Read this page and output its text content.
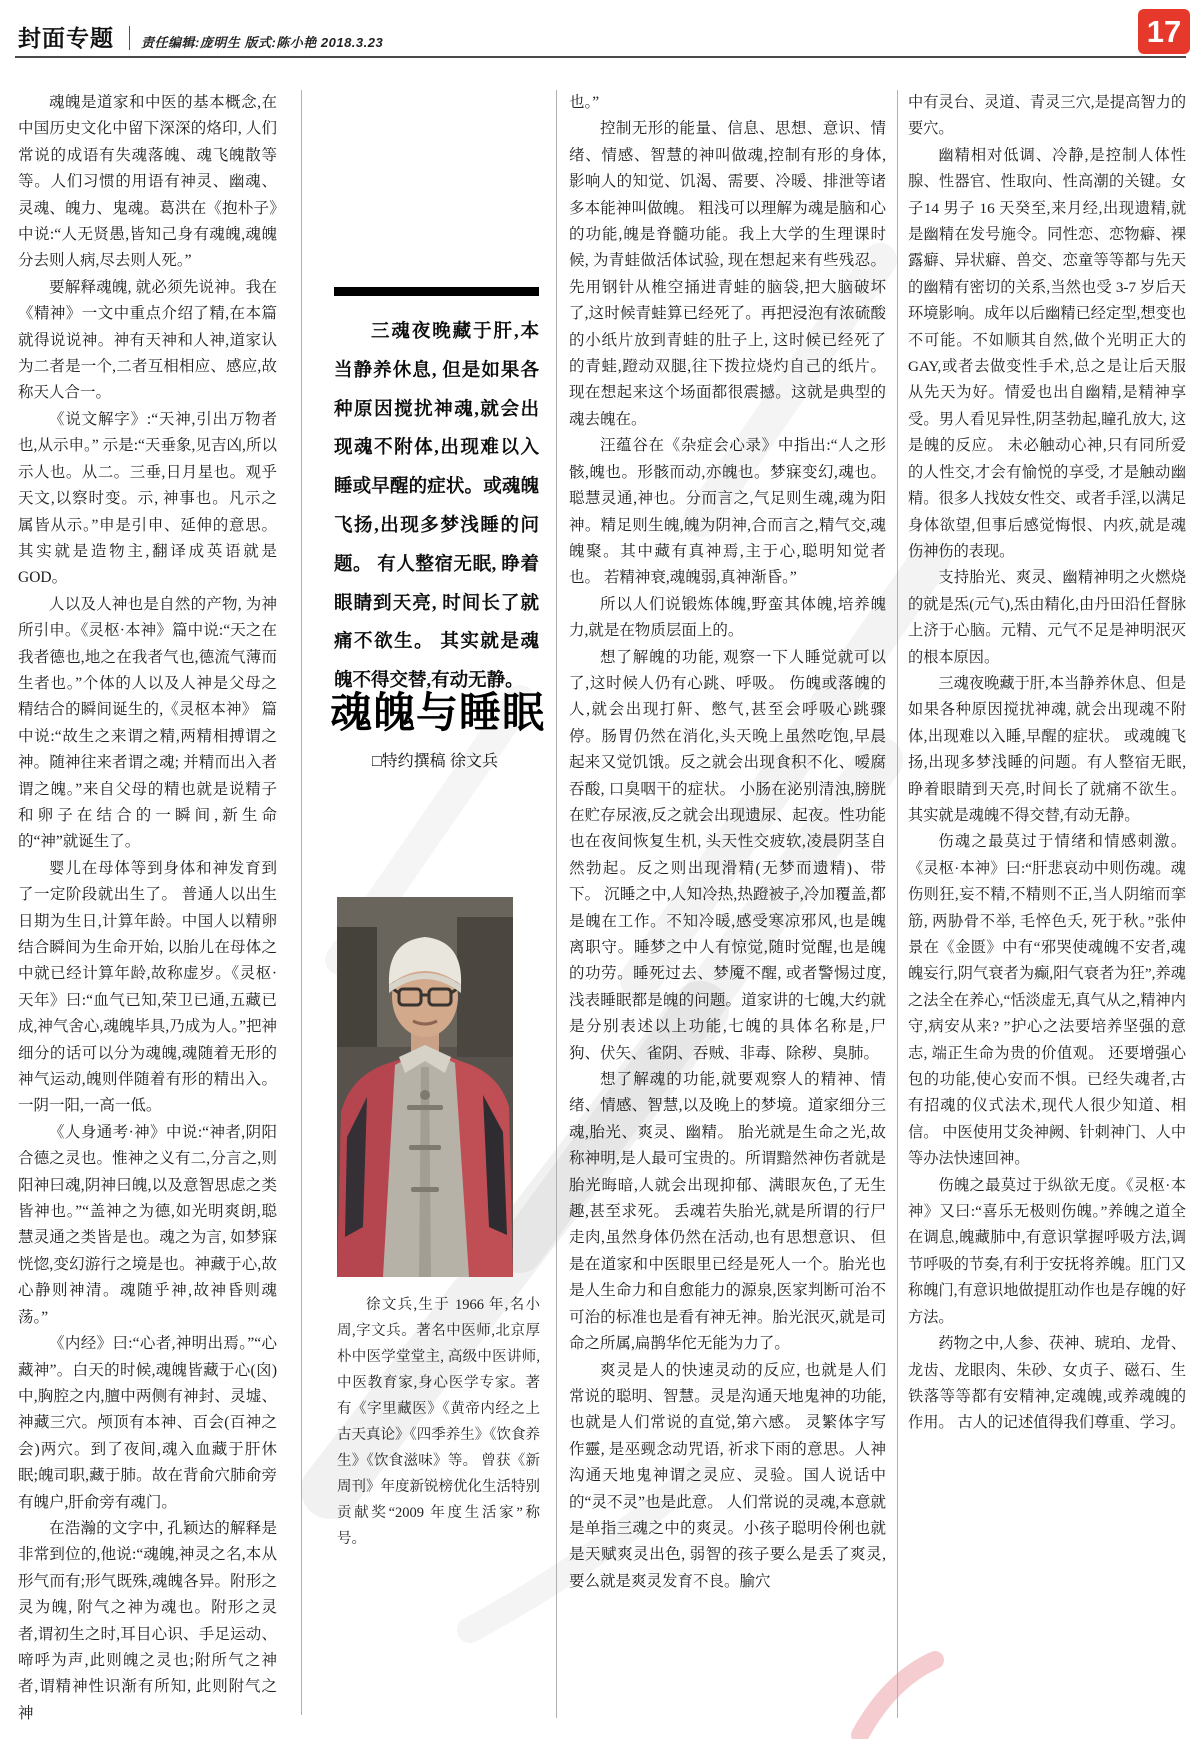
封面专题 责任编辑:庞明生 版式:陈小艳 2018.3.23	17

魂魄是道家和中医的基本概念,在中国历史文化中留下深深的烙印, 人们常说的成语有失魂落魄、魂飞魄散等等。人们习惯的用语有神灵、幽魂、灵魂、魄力、鬼魂。葛洪在《抱朴子》中说:“人无贤愚,皆知己身有魂魄,魂魄分去则人病,尽去则人死。”

要解释魂魄, 就必须先说神。我在《精神》一文中重点介绍了精,在本篇就得说说神。神有天神和人神,道家认为二者是一个,二者互相相应、感应,故称天人合一。

《说文解字》:“天神,引出万物者也,从示申。” 示是:“天垂象,见吉凶,所以示人也。从二。三垂,日月星也。观乎天文,以察时变。示, 神事也。凡示之属皆从示。”申是引申、延伸的意思。其实就是造物主,翻译成英语就是 GOD。

人以及人神也是自然的产物, 为神所引申。《灵枢·本神》篇中说:“天之在我者德也,地之在我者气也,德流气薄而生者也。”个体的人以及人神是父母之精结合的瞬间诞生的,《灵枢本神》 篇中说:“故生之来谓之精,两精相搏谓之神。随神往来者谓之魂; 并精而出入者谓之魄。”来自父母的精也就是说精子和卵子在结合的一瞬间,新生命的“神”就诞生了。

婴儿在母体等到身体和神发育到了一定阶段就出生了。 普通人以出生日期为生日,计算年龄。中国人以精卵结合瞬间为生命开始, 以胎儿在母体之中就已经计算年龄,故称虚岁。《灵枢·天年》曰:“血气已知,荣卫已通,五藏已成,神气舍心,魂魄毕具,乃成为人。”把神细分的话可以分为魂魄,魂随着无形的神气运动,魄则伴随着有形的精出入。一阴一阳,一高一低。

《人身通考·神》中说:“神者,阴阳合德之灵也。惟神之义有二,分言之,则阳神曰魂,阴神曰魄,以及意智思虑之类皆神也。”“盖神之为德,如光明爽朗,聪慧灵通之类皆是也。魂之为言, 如梦寐恍惚,变幻游行之境是也。神藏于心,故心静则神清。魂随乎神,故神昏则魂荡。”

《内经》曰:“心者,神明出焉。”“心藏神”。白天的时候,魂魄皆藏于心(囟)中,胸腔之内,膻中两侧有神封、灵墟、神藏三穴。颅顶有本神、百会(百神之会)两穴。到了夜间,魂入血藏于肝休眠;魄司职,藏于肺。故在背俞穴肺俞旁有魄户,肝俞旁有魂门。

在浩瀚的文字中, 孔颖达的解释是非常到位的,他说:“魂魄,神灵之名,本从形气而有;形气既殊,魂魄各异。附形之灵为魄, 附气之神为魂也。附形之灵者,谓初生之时,耳目心识、手足运动、啼呼为声,此则魄之灵也;附所气之神者,谓精神性识渐有所知, 此则附气之神

三魂夜晚藏于肝,本当静养休息, 但是如果各种原因搅扰神魂,就会出现魂不附体,出现难以入睡或早醒的症状。或魂魄飞扬,出现多梦浅睡的问题。 有人整宿无眠, 睁着眼睛到天亮, 时间长了就痛不欲生。 其实就是魂魄不得交替,有动无静。
魂魄与睡眠
□特约撰稿 徐文兵
徐文兵,生于 1966 年,名小周,字文兵。著名中医师,北京厚朴中医学堂堂主, 高级中医讲师,中医教育家,身心医学专家。著有《字里藏医》《黄帝内经之上古天真论》《四季养生》《饮食养生》《饮食滋味》等。 曾获《新周刊》年度新锐榜优化生活特别贡献奖“2009 年度生活家”称号。

也。”

控制无形的能量、信息、思想、意识、情绪、情感、智慧的神叫做魂,控制有形的身体,影响人的知觉、饥渴、需要、冷暖、排泄等诸多本能神叫做魄。 粗浅可以理解为魂是脑和心的功能,魄是脊髓功能。我上大学的生理课时候, 为青蛙做活体试验, 现在想起来有些残忍。先用钢针从椎空捅进青蛙的脑袋,把大脑破坏了,这时候青蛙算已经死了。再把浸泡有浓硫酸的小纸片放到青蛙的肚子上, 这时候已经死了的青蛙,蹬动双腿,往下拨拉烧灼自己的纸片。现在想起来这个场面都很震撼。这就是典型的魂去魄在。

汪蕴谷在《杂症会心录》中指出:“人之形骸,魄也。形骸而动,亦魄也。梦寐变幻,魂也。聪慧灵通,神也。分而言之,气足则生魂,魂为阳神。精足则生魄,魄为阴神,合而言之,精气交,魂魄聚。其中藏有真神焉,主于心,聪明知觉者也。 若精神衰,魂魄弱,真神渐昏。”

所以人们说锻炼体魄,野蛮其体魄,培养魄力,就是在物质层面上的。

想了解魄的功能, 观察一下人睡觉就可以了,这时候人仍有心跳、呼吸。 伤魄或落魄的人,就会出现打鼾、憋气,甚至会呼吸心跳骤停。肠胃仍然在消化,头天晚上虽然吃饱,早晨起来又觉饥饿。反之就会出现食积不化、嗳腐吞酸, 口臭咽干的症状。 小肠在泌别清浊,膀胱在贮存尿液,反之就会出现遗尿、起夜。性功能也在夜间恢复生机, 头天性交疲软,凌晨阴茎自然勃起。反之则出现滑精(无梦而遗精)、带下。 沉睡之中,人知冷热,热蹬被子,冷加覆盖,都是魄在工作。不知冷暖,感受寒凉邪风,也是魄离职守。睡梦之中人有惊觉,随时觉醒,也是魄的功劳。睡死过去、梦魇不醒, 或者警惕过度, 浅表睡眠都是魄的问题。道家讲的七魄,大约就是分别表述以上功能,七魄的具体名称是,尸狗、伏矢、雀阴、吞贼、非毒、除秽、臭肺。

想了解魂的功能,就要观察人的精神、情绪、情感、智慧,以及晚上的梦境。道家细分三魂,胎光、爽灵、幽精。 胎光就是生命之光,故称神明,是人最可宝贵的。所谓黯然神伤者就是胎光晦暗,人就会出现抑郁、满眼灰色,了无生趣,甚至求死。 丢魂若失胎光,就是所谓的行尸走肉,虽然身体仍然在活动,也有思想意识、 但是在道家和中医眼里已经是死人一个。胎光也是人生命力和自愈能力的源泉,医家判断可治不可治的标准也是看有神无神。胎光泯灭,就是司命之所属,扁鹊华佗无能为力了。

爽灵是人的快速灵动的反应, 也就是人们常说的聪明、智慧。灵是沟通天地鬼神的功能,也就是人们常说的直觉,第六感。 灵繁体字写作靈, 是巫觋念动咒语, 祈求下雨的意思。人神沟通天地鬼神谓之灵应、灵验。国人说话中的“灵不灵”也是此意。 人们常说的灵魂,本意就是单指三魂之中的爽灵。小孩子聪明伶俐也就是天赋爽灵出色, 弱智的孩子要么是丢了爽灵,要么就是爽灵发育不良。腧穴

中有灵台、灵道、青灵三穴,是提高智力的要穴。

幽精相对低调、冷静,是控制人体性腺、性器官、性取向、性高潮的关键。女子14 男子 16 天癸至,来月经,出现遗精,就是幽精在发号施令。同性恋、恋物癖、裸露癖、异状癖、兽交、恋童等等都与先天的幽精有密切的关系,当然也受 3-7 岁后天环境影响。成年以后幽精已经定型,想变也不可能。不如顺其自然,做个光明正大的 GAY,或者去做变性手术,总之是让后天服从先天为好。情爱也出自幽精,是精神享受。男人看见异性,阴茎勃起,瞳孔放大, 这是魄的反应。 未必触动心神,只有同所爱的人性交,才会有愉悦的享受, 才是触动幽精。很多人找妓女性交、或者手淫,以满足身体欲望,但事后感觉悔恨、内疚,就是魂伤神伤的表现。

支持胎光、爽灵、幽精神明之火燃烧的就是炁(元气),炁由精化,由丹田沿任督脉上济于心脑。元精、元气不足是神明泯灭的根本原因。

三魂夜晚藏于肝,本当静养休息、但是如果各种原因搅扰神魂, 就会出现魂不附体,出现难以入睡,早醒的症状。 或魂魄飞扬,出现多梦浅睡的问题。有人整宿无眠,睁着眼睛到天亮,时间长了就痛不欲生。 其实就是魂魄不得交替,有动无静。

伤魂之最莫过于情绪和情感刺激。《灵枢·本神》曰:“肝悲哀动中则伤魂。魂伤则狂,妄不精,不精则不正,当人阴缩而挛筋, 两胁骨不举, 毛悴色夭, 死于秋。”张仲景在《金匮》中有“邪哭使魂魄不安者,魂魄妄行,阴气衰者为癫,阳气衰者为狂”,养魂之法全在养心,“恬淡虚无,真气从之,精神内守,病安从来? ”护心之法要培养坚强的意志, 端正生命为贵的价值观。 还要增强心包的功能,使心安而不惧。已经失魂者,古有招魂的仪式法术,现代人很少知道、相信。 中医使用艾灸神阙、针刺神门、人中等办法快速回神。

伤魄之最莫过于纵欲无度。《灵枢·本神》又曰:“喜乐无极则伤魄。”养魄之道全在调息,魄藏肺中,有意识掌握呼吸方法,调节呼吸的节奏,有利于安抚将养魄。肛门又称魄门,有意识地做提肛动作也是存魄的好方法。

药物之中,人参、茯神、琥珀、龙骨、龙齿、龙眼肉、朱砂、女贞子、磁石、生铁落等等都有安精神,定魂魄,或养魂魄的作用。 古人的记述值得我们尊重、学习。
